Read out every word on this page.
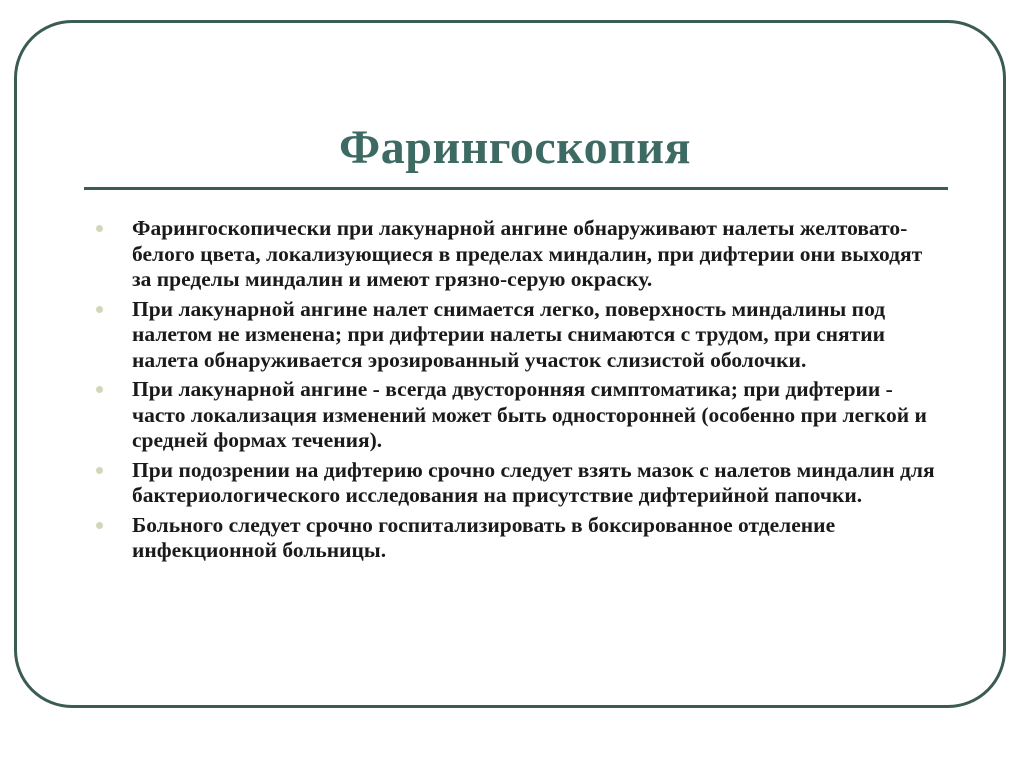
Фарингоскопия
Фарингоскопически при лакунарной ангине обнаруживают налеты желтовато-белого цвета, локализующиеся в пределах миндалин, при дифтерии они выходят за пределы миндалин и имеют грязно-серую окраску.
При лакунарной ангине налет снимается легко, поверхность миндалины под налетом не изменена; при дифтерии налеты снимаются с трудом, при снятии налета обнаруживается эрозированный участок слизистой оболочки.
При лакунарной ангине - всегда двусторонняя симптоматика; при дифтерии - часто локализация изменений может быть односторонней (особенно при легкой и средней формах течения).
При подозрении на дифтерию срочно следует взять мазок с налетов миндалин для бактериологического исследования на присутствие дифтерийной папочки.
Больного следует срочно госпитализировать в боксированное отделение инфекционной больницы.
